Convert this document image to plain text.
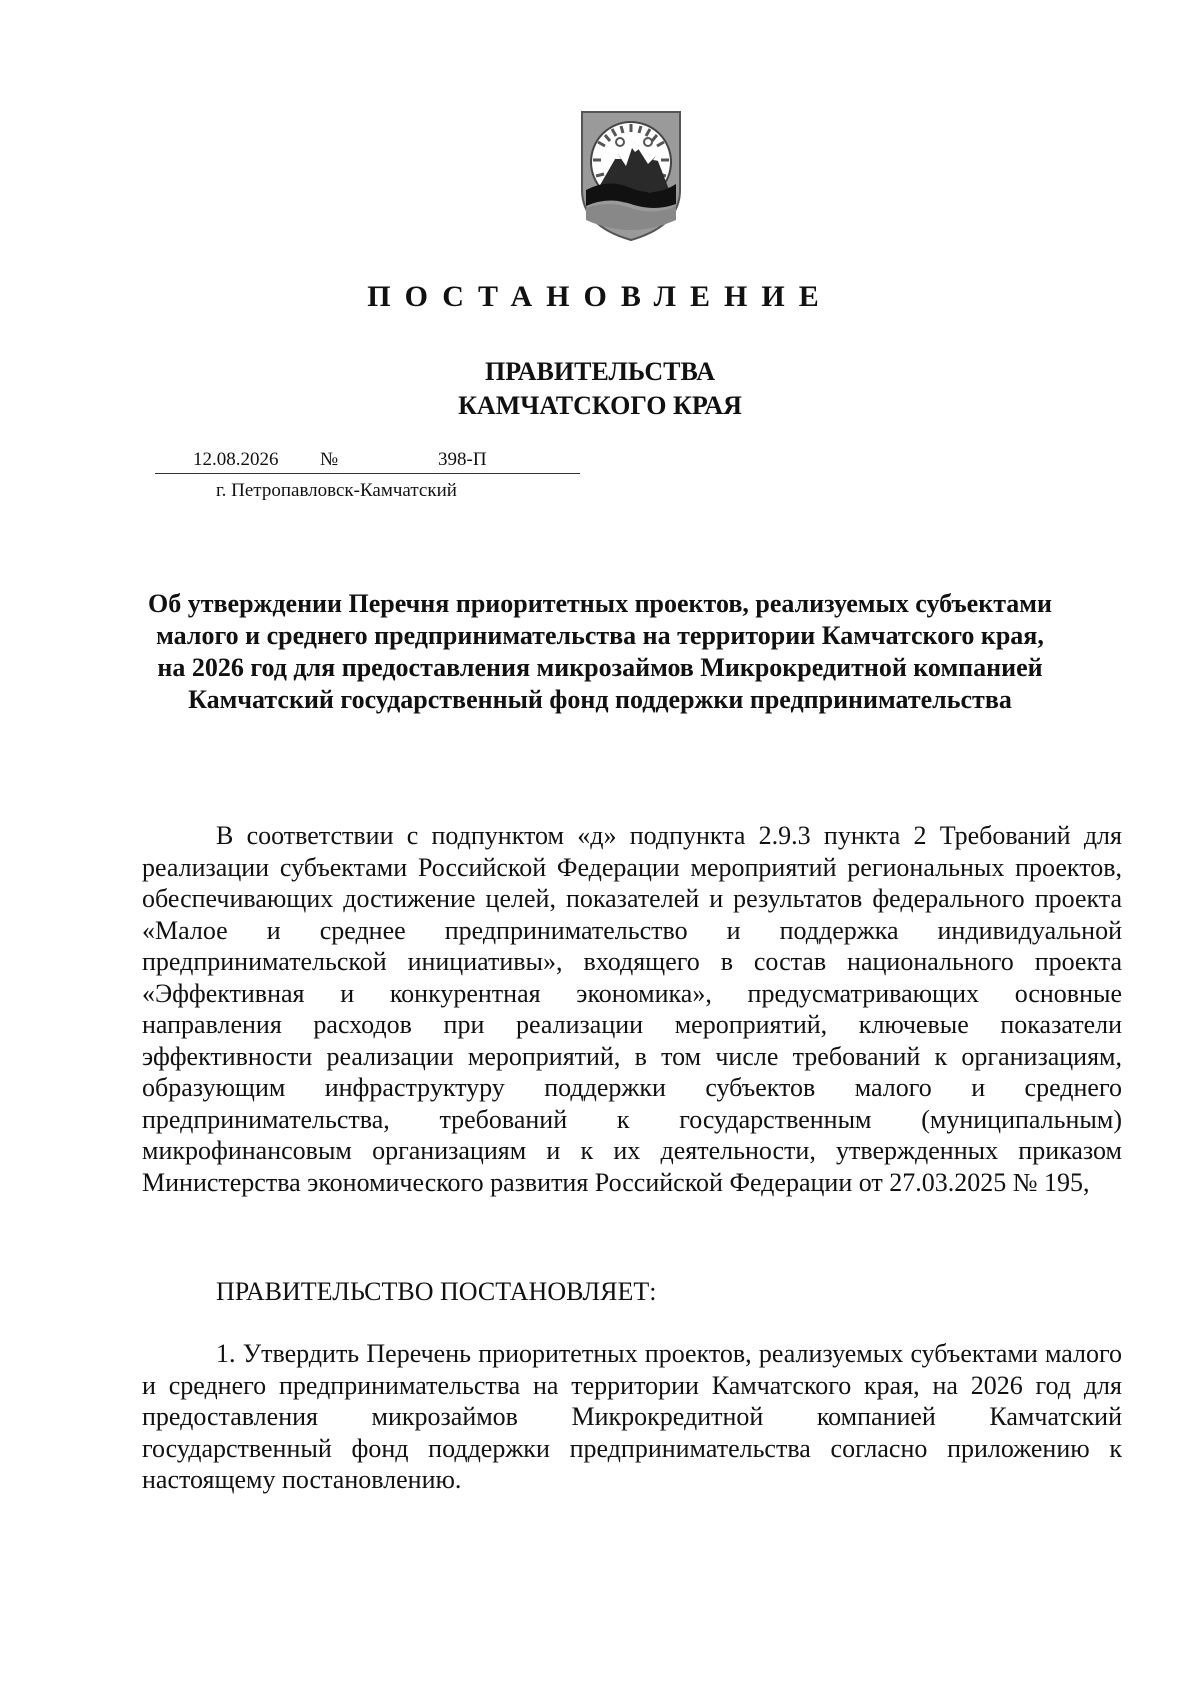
ПОСТАНОВЛЕНИЕ
ПРАВИТЕЛЬСТВА
КАМЧАТСКОГО КРАЯ
12.08.2026 №	398-П
г. Петропавловск-Камчатский
Об утверждении Перечня приоритетных проектов, реализуемых субъектами малого и среднего предпринимательства на территории Камчатского края, на 2026 год для предоставления микрозаймов Микрокредитной компанией Камчатский государственный фонд поддержки предпринимательства
В соответствии с подпунктом «д» подпункта 2.9.3 пункта 2 Требований для реализации субъектами Российской Федерации мероприятий региональных проектов, обеспечивающих достижение целей, показателей и результатов федерального проекта «Малое и среднее предпринимательство и поддержка индивидуальной предпринимательской инициативы», входящего в состав национального проекта «Эффективная и конкурентная экономика», предусматривающих основные направления расходов при реализации мероприятий, ключевые показатели эффективности реализации мероприятий, в том числе требований к организациям, образующим инфраструктуру поддержки субъектов малого и среднего предпринимательства, требований к государственным (муниципальным) микрофинансовым организациям и к их деятельности, утвержденных приказом Министерства экономического развития Российской Федерации от 27.03.2025 № 195,
ПРАВИТЕЛЬСТВО ПОСТАНОВЛЯЕТ:
1. Утвердить Перечень приоритетных проектов, реализуемых субъектами малого и среднего предпринимательства на территории Камчатского края, на 2026 год для предоставления микрозаймов Микрокредитной компанией Камчатский государственный фонд поддержки предпринимательства согласно приложению к настоящему постановлению.
